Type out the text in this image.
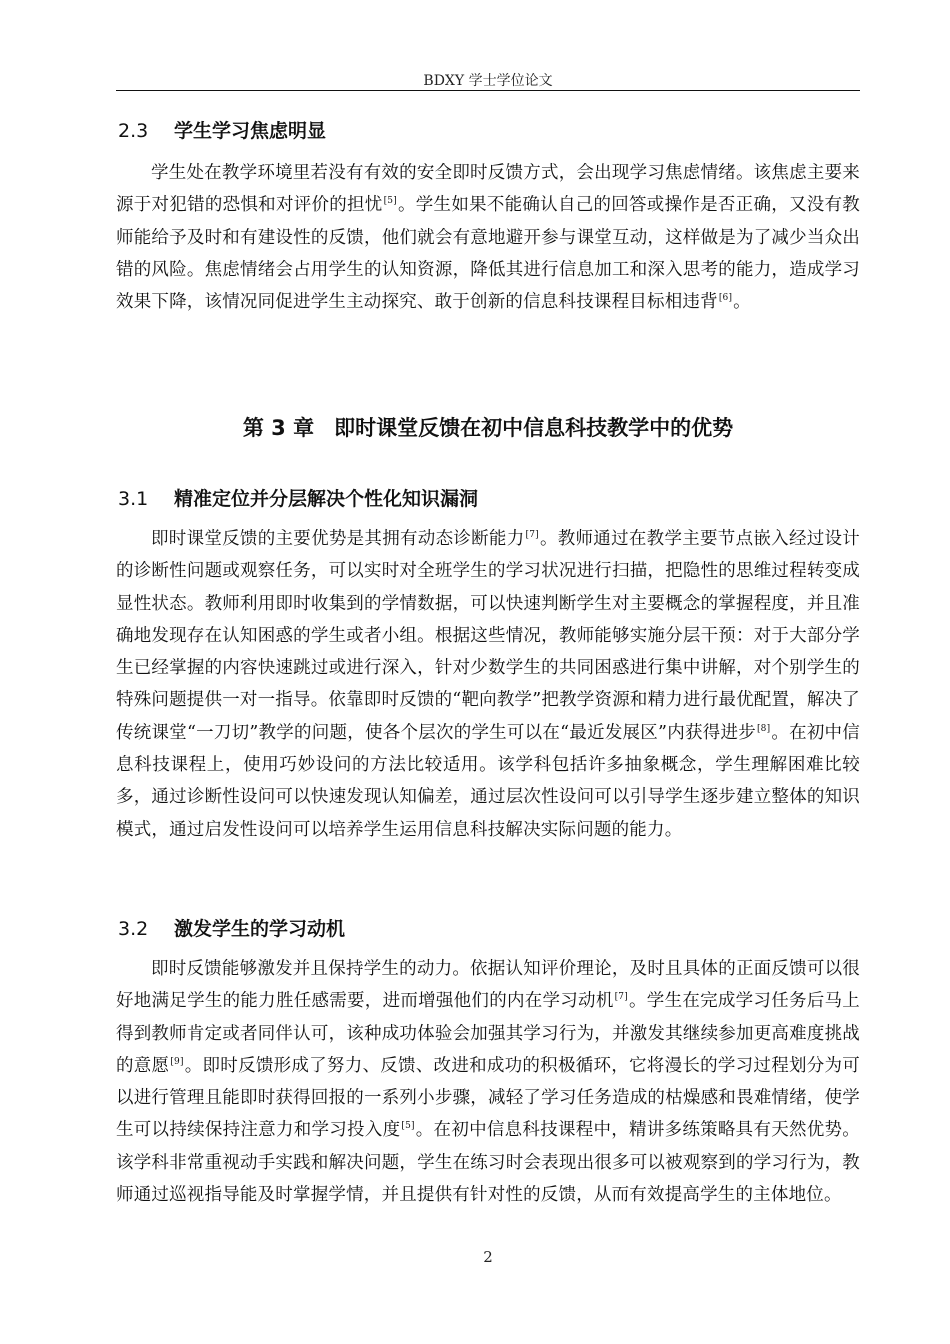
BDXY 学士学位论文
2.3 学生学习焦虑明显

学生处在教学环境里若没有有效的安全即时反馈方式，会出现学习焦虑情绪。该焦虑主要来源于对犯错的恐惧和对评价的担忧[5]。学生如果不能确认自己的回答或操作是否正确，又没有教师能给予及时和有建设性的反馈，他们就会有意地避开参与课堂互动，这样做是为了减少当众出错的风险。焦虑情绪会占用学生的认知资源，降低其进行信息加工和深入思考的能力，造成学习效果下降，该情况同促进学生主动探究、敢于创新的信息科技课程目标相违背[6]。

第 3 章 即时课堂反馈在初中信息科技教学中的优势
3.1 精准定位并分层解决个性化知识漏洞

即时课堂反馈的主要优势是其拥有动态诊断能力[7]。教师通过在教学主要节点嵌入经过设计的诊断性问题或观察任务，可以实时对全班学生的学习状况进行扫描，把隐性的思维过程转变成显性状态。教师利用即时收集到的学情数据，可以快速判断学生对主要概念的掌握程度，并且准确地发现存在认知困惑的学生或者小组。根据这些情况，教师能够实施分层干预：对于大部分学生已经掌握的内容快速跳过或进行深入，针对少数学生的共同困惑进行集中讲解，对个别学生的特殊问题提供一对一指导。依靠即时反馈的“靶向教学”把教学资源和精力进行最优配置，解决了传统课堂“一刀切”教学的问题，使各个层次的学生可以在“最近发展区”内获得进步[8]。在初中信息科技课程上，使用巧妙设问的方法比较适用。该学科包括许多抽象概念，学生理解困难比较多，通过诊断性设问可以快速发现认知偏差，通过层次性设问可以引导学生逐步建立整体的知识模式，通过启发性设问可以培养学生运用信息科技解决实际问题的能力。

3.2 激发学生的学习动机

即时反馈能够激发并且保持学生的动力。依据认知评价理论，及时且具体的正面反馈可以很好地满足学生的能力胜任感需要，进而增强他们的内在学习动机[7]。学生在完成学习任务后马上得到教师肯定或者同伴认可，该种成功体验会加强其学习行为，并激发其继续参加更高难度挑战的意愿[9]。即时反馈形成了努力、反馈、改进和成功的积极循环，它将漫长的学习过程划分为可以进行管理且能即时获得回报的一系列小步骤，减轻了学习任务造成的枯燥感和畏难情绪，使学生可以持续保持注意力和学习投入度[5]。在初中信息科技课程中，精讲多练策略具有天然优势。该学科非常重视动手实践和解决问题，学生在练习时会表现出很多可以被观察到的学习行为，教师通过巡视指导能及时掌握学情，并且提供有针对性的反馈，从而有效提高学生的主体地位。

2
